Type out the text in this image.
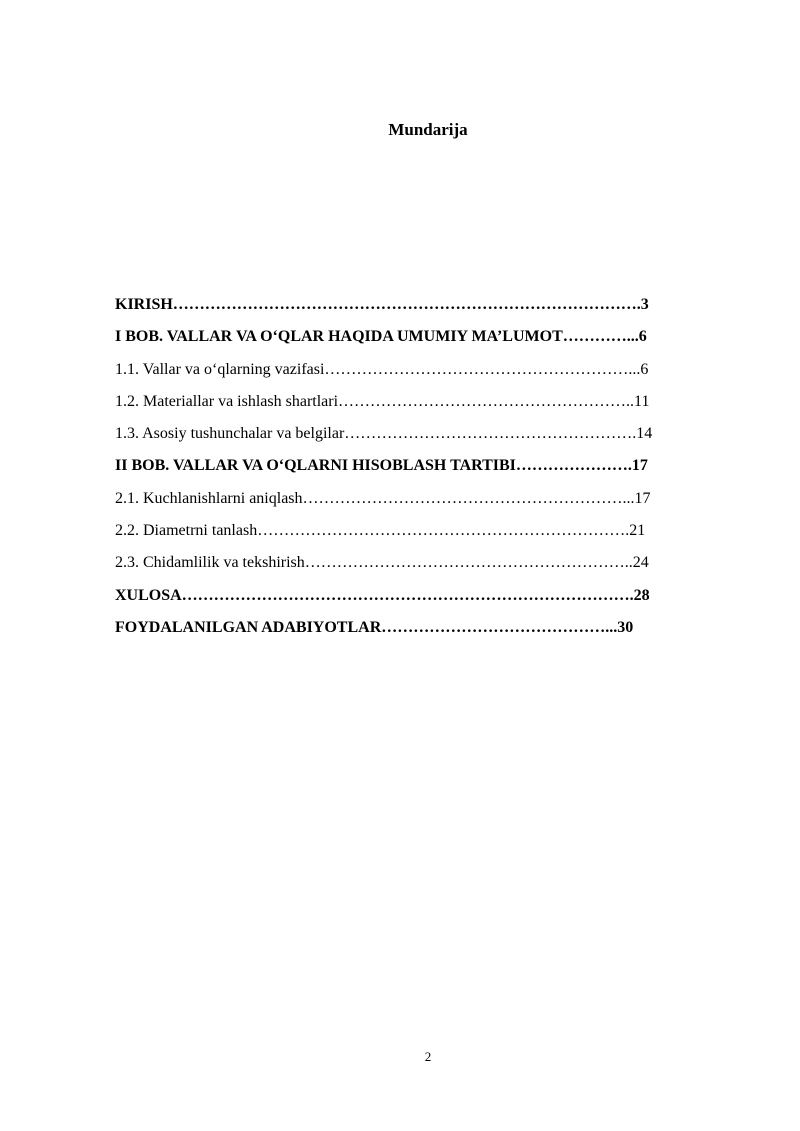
Mundarija
KIRISH…………………………………………………………………………….3
I BOB. VALLAR VA O‘QLAR HAQIDA UMUMIY MA’LUMOT…………...6
1.1. Vallar va o‘qlarning vazifasi…………………………………………………...6
1.2. Materiallar va ishlash shartlari………………………………………………..11
1.3. Asosiy tushunchalar va belgilar……………………………………………….14
II BOB. VALLAR VA O‘QLARNI HISOBLASH TARTIBI………………….17
2.1. Kuchlanishlarni aniqlash……………………………………………………...17
2.2. Diametrni tanlash…………………………………………………………….21
2.3. Chidamlilik va tekshirish……………………………………………………..24
XULOSA………………………………………………………………………….28
FOYDALANILGAN ADABIYOTLAR……………………………………...30
2
